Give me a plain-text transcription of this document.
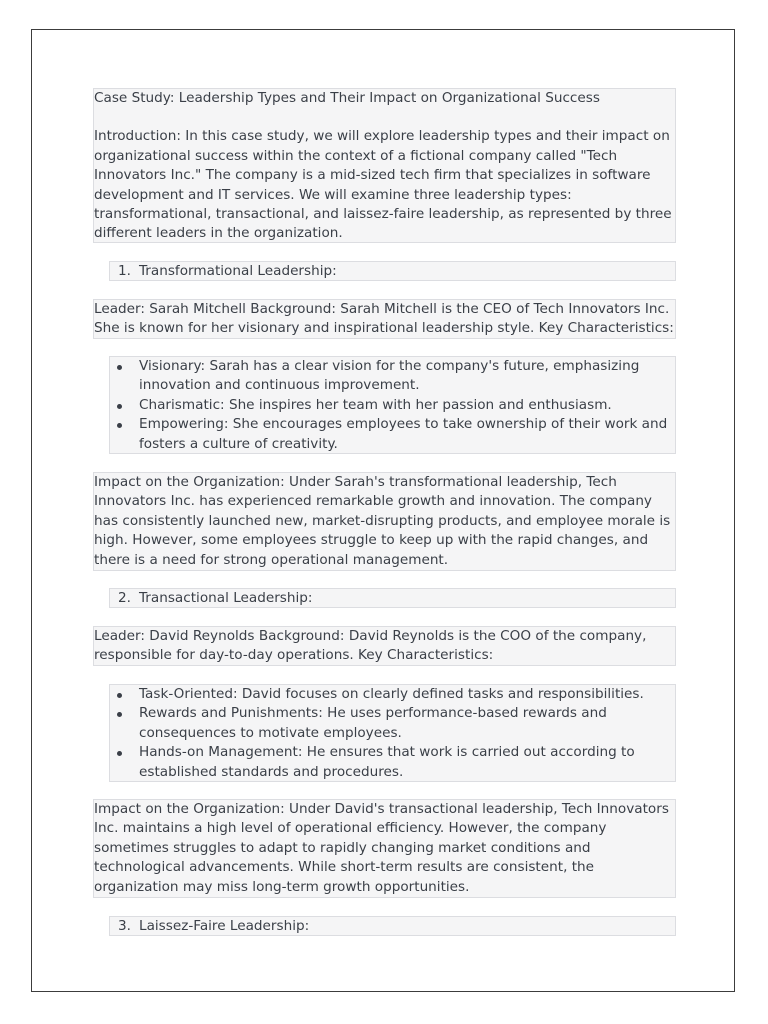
Case Study: Leadership Types and Their Impact on Organizational Success

Introduction: In this case study, we will explore leadership types and their impact on organizational success within the context of a fictional company called "Tech Innovators Inc." The company is a mid-sized tech firm that specializes in software development and IT services. We will examine three leadership types: transformational, transactional, and laissez-faire leadership, as represented by three different leaders in the organization.

1. Transformational Leadership:

Leader: Sarah Mitchell Background: Sarah Mitchell is the CEO of Tech Innovators Inc. She is known for her visionary and inspirational leadership style. Key Characteristics:

Visionary: Sarah has a clear vision for the company's future, emphasizing innovation and continuous improvement.
Charismatic: She inspires her team with her passion and enthusiasm.
Empowering: She encourages employees to take ownership of their work and fosters a culture of creativity.

Impact on the Organization: Under Sarah's transformational leadership, Tech Innovators Inc. has experienced remarkable growth and innovation. The company has consistently launched new, market-disrupting products, and employee morale is high. However, some employees struggle to keep up with the rapid changes, and there is a need for strong operational management.

2. Transactional Leadership:

Leader: David Reynolds Background: David Reynolds is the COO of the company, responsible for day-to-day operations. Key Characteristics:

Task-Oriented: David focuses on clearly defined tasks and responsibilities.
Rewards and Punishments: He uses performance-based rewards and consequences to motivate employees.
Hands-on Management: He ensures that work is carried out according to established standards and procedures.

Impact on the Organization: Under David's transactional leadership, Tech Innovators Inc. maintains a high level of operational efficiency. However, the company sometimes struggles to adapt to rapidly changing market conditions and technological advancements. While short-term results are consistent, the organization may miss long-term growth opportunities.

3. Laissez-Faire Leadership:
